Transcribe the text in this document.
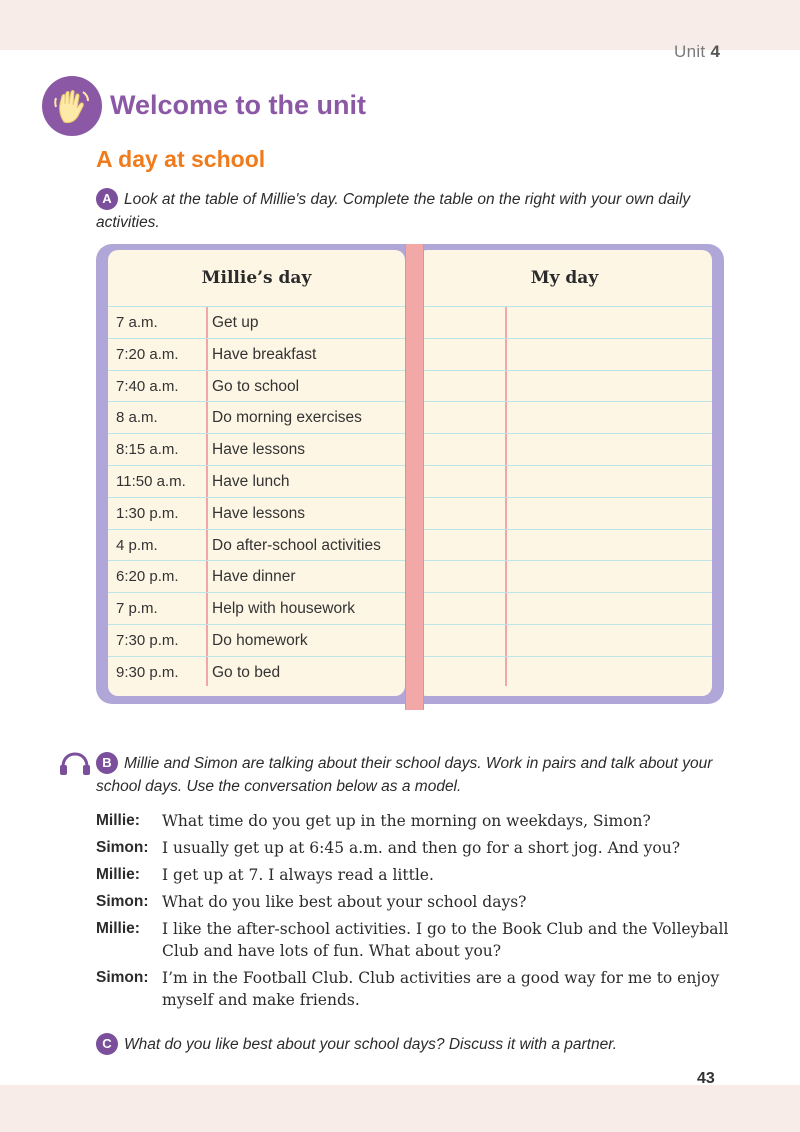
Unit 4
Welcome to the unit
A day at school
A Look at the table of Millie's day. Complete the table on the right with your own daily activities.
Millie’s day
7 a.m.	Get up
7:20 a.m. Have breakfast
7:40 a.m. Go to school
8 a.m.	Do morning exercises
8:15 a.m. Have lessons
11:50 a.m. Have lunch
1:30 p.m. Have lessons
4 p.m.	Do after-school activities
6:20 p.m. Have dinner
7 p.m.	Help with housework
7:30 p.m. Do homework
9:30 p.m. Go to bed
My day
B Millie and Simon are talking about their school days. Work in pairs and talk about your school days. Use the conversation below as a model.
Millie:	What time do you get up in the morning on weekdays, Simon?
Simon: I usually get up at 6:45 a.m. and then go for a short jog. And you?
Millie:	I get up at 7. I always read a little.
Simon: What do you like best about your school days?
Millie:	I like the after-school activities. I go to the Book Club and the Volleyball Club and have lots of fun. What about you?
Simon: I’m in the Football Club. Club activities are a good way for me to enjoy myself and make friends.
C What do you like best about your school days? Discuss it with a partner.
43
